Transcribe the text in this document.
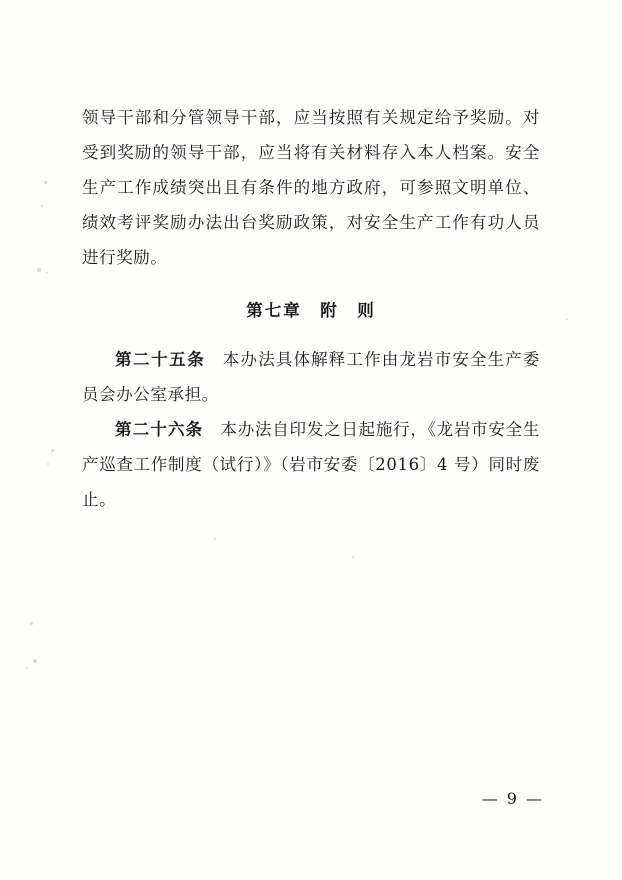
领导干部和分管领导干部，应当按照有关规定给予奖励。对受到奖励的领导干部，应当将有关材料存入本人档案。安全生产工作成绩突出且有条件的地方政府，可参照文明单位、绩效考评奖励办法出台奖励政策，对安全生产工作有功人员进行奖励。

第七章　附　则

第二十五条　本办法具体解释工作由龙岩市安全生产委员会办公室承担。

第二十六条　本办法自印发之日起施行，《龙岩市安全生产巡查工作制度（试行）》（岩市安委〔2016〕4 号）同时废止。

— 9 —
